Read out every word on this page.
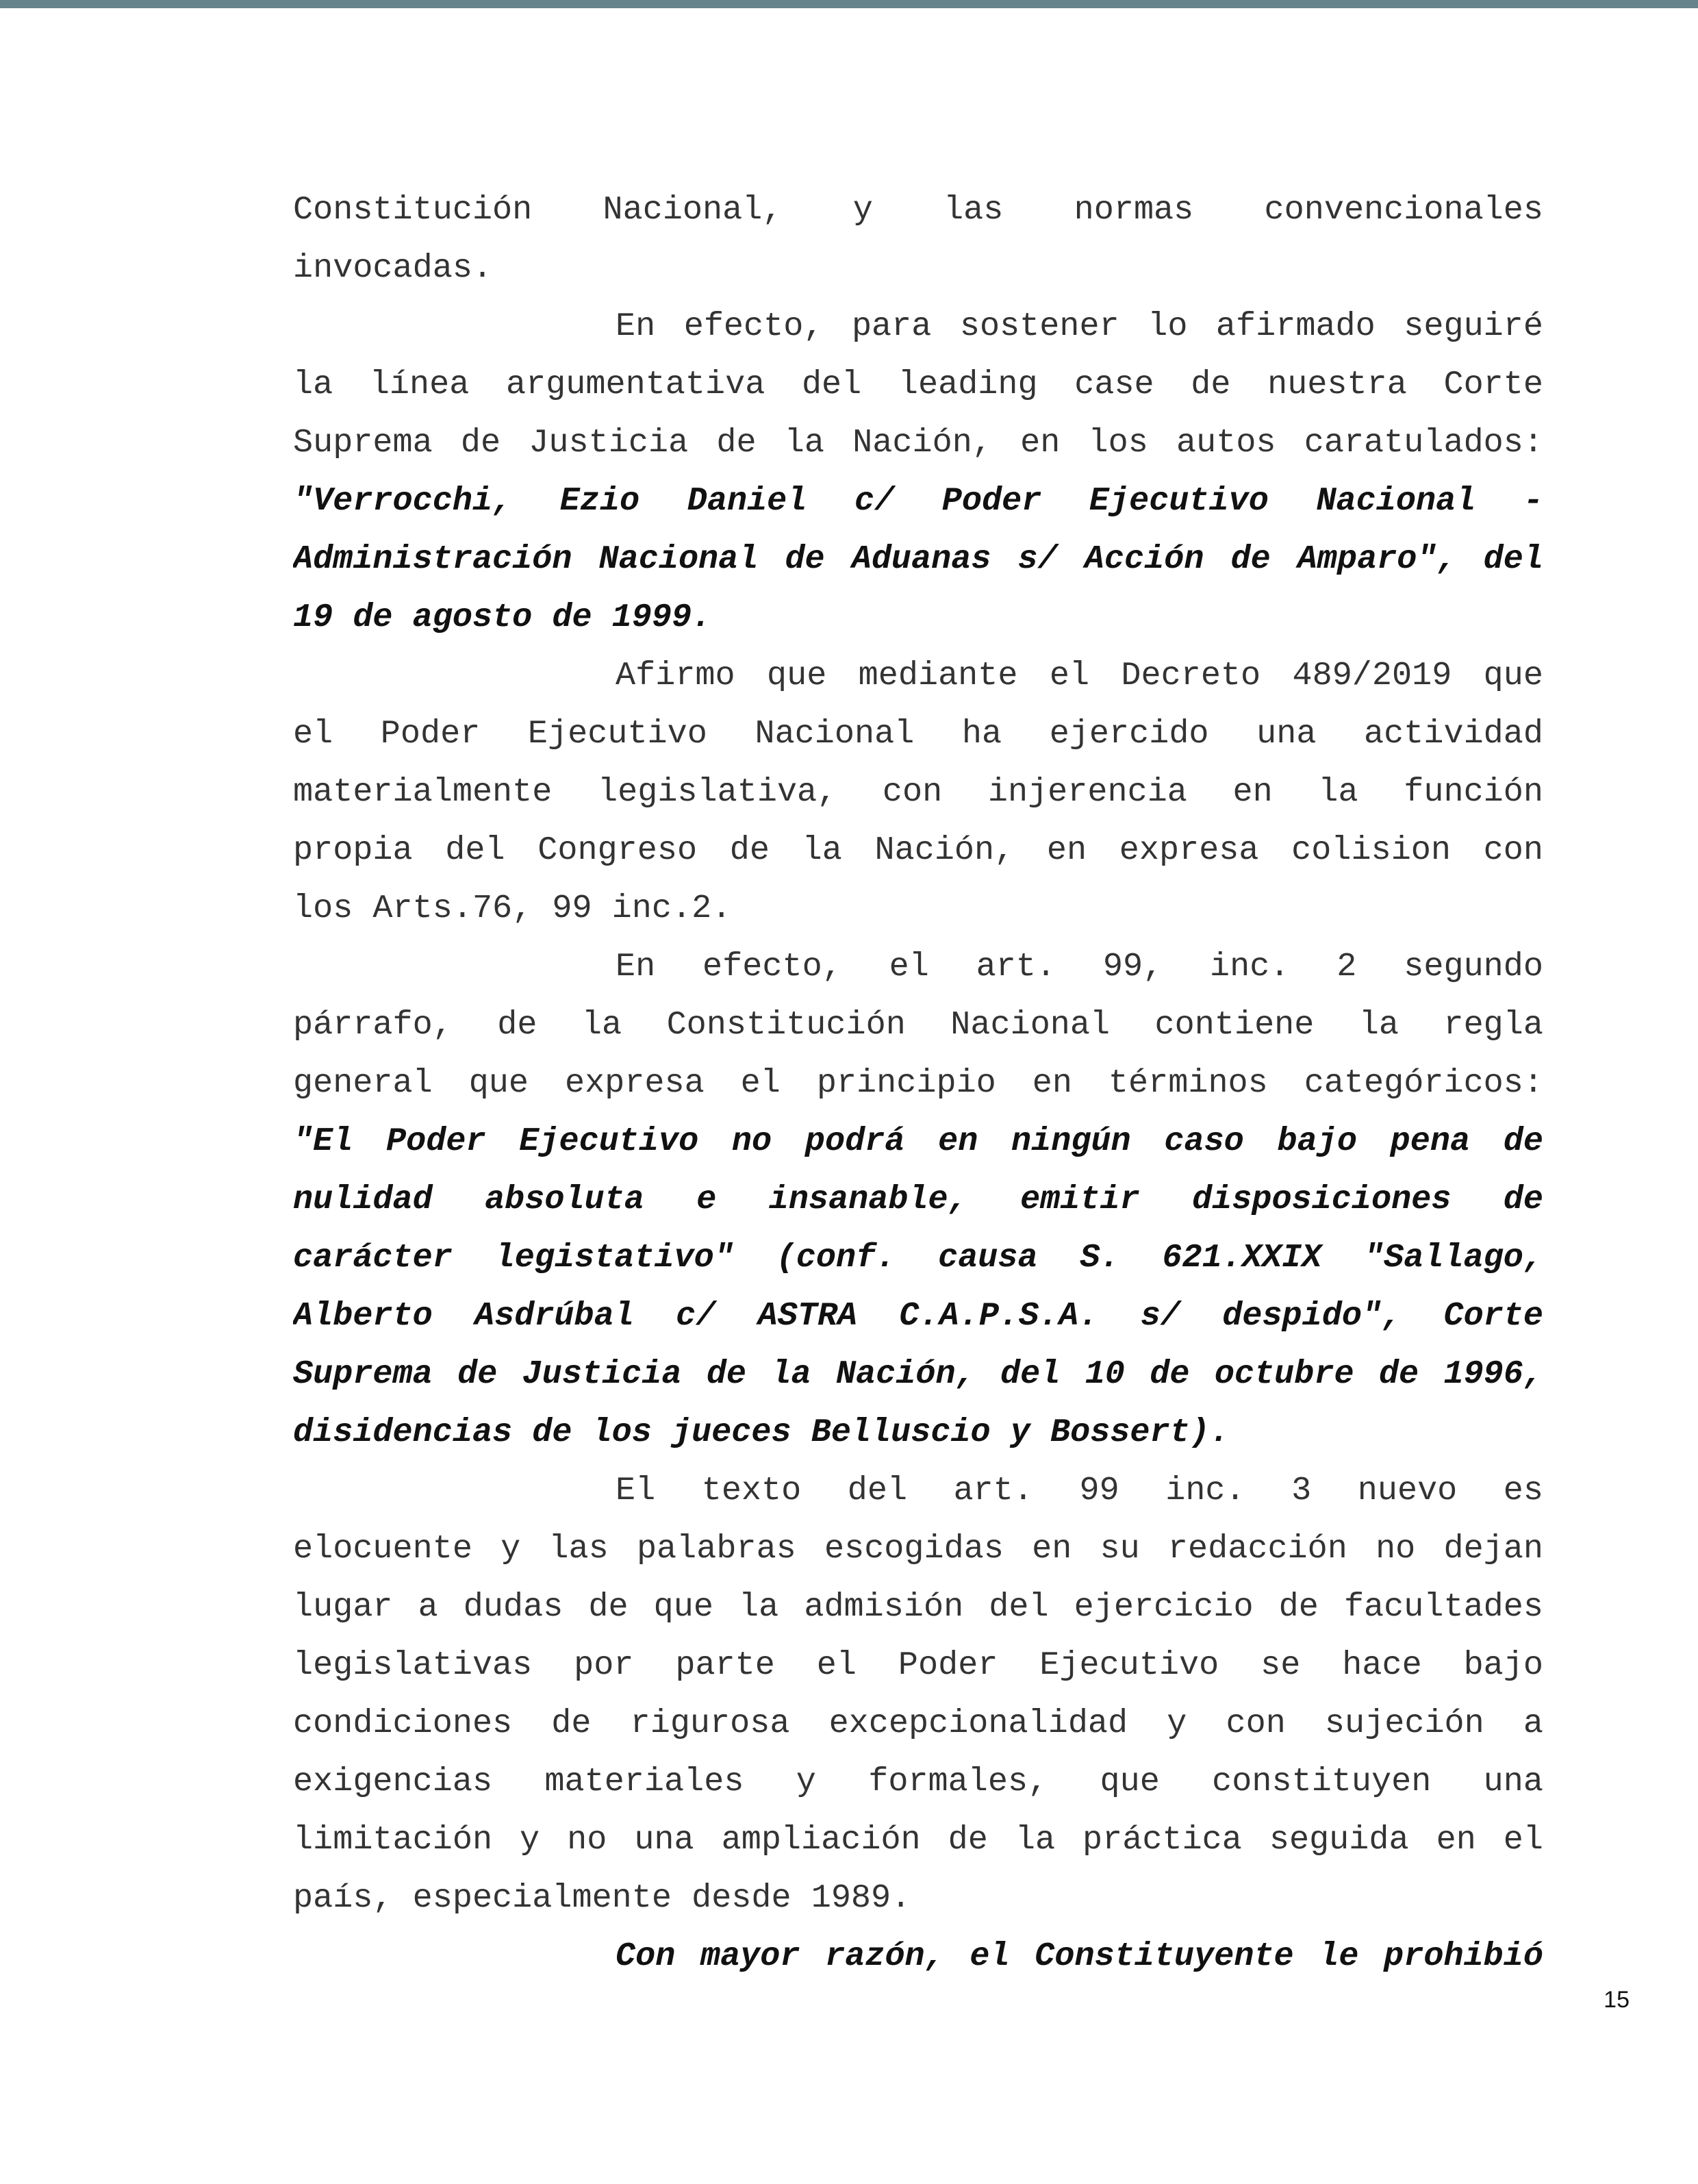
Constitución Nacional, y las normas convencionales
invocadas.
En efecto, para sostener lo afirmado seguiré
la línea argumentativa del leading case de nuestra Corte
Suprema de Justicia de la Nación, en los autos caratulados:
"Verrocchi, Ezio Daniel c/ Poder Ejecutivo Nacional -
Administración Nacional de Aduanas s/ Acción de Amparo", del
19 de agosto de 1999.
Afirmo que mediante el Decreto 489/2019 que
el Poder Ejecutivo Nacional ha ejercido una actividad
materialmente legislativa, con injerencia en la función
propia del Congreso de la Nación, en expresa colision con
los Arts.76, 99 inc.2.
En efecto, el art. 99, inc. 2 segundo
párrafo, de la Constitución Nacional contiene la regla
general que expresa el principio en términos categóricos:
"El Poder Ejecutivo no podrá en ningún caso bajo pena de
nulidad absoluta e insanable, emitir disposiciones de
carácter legistativo" (conf. causa S. 621.XXIX "Sallago,
Alberto Asdrúbal c/ ASTRA C.A.P.S.A. s/ despido", Corte
Suprema de Justicia de la Nación, del 10 de octubre de 1996,
disidencias de los jueces Belluscio y Bossert).
El texto del art. 99 inc. 3 nuevo es
elocuente y las palabras escogidas en su redacción no dejan
lugar a dudas de que la admisión del ejercicio de facultades
legislativas por parte el Poder Ejecutivo se hace bajo
condiciones de rigurosa excepcionalidad y con sujeción a
exigencias materiales y formales, que constituyen una
limitación y no una ampliación de la práctica seguida en el
país, especialmente desde 1989.
Con mayor razón, el Constituyente le prohibió
15
